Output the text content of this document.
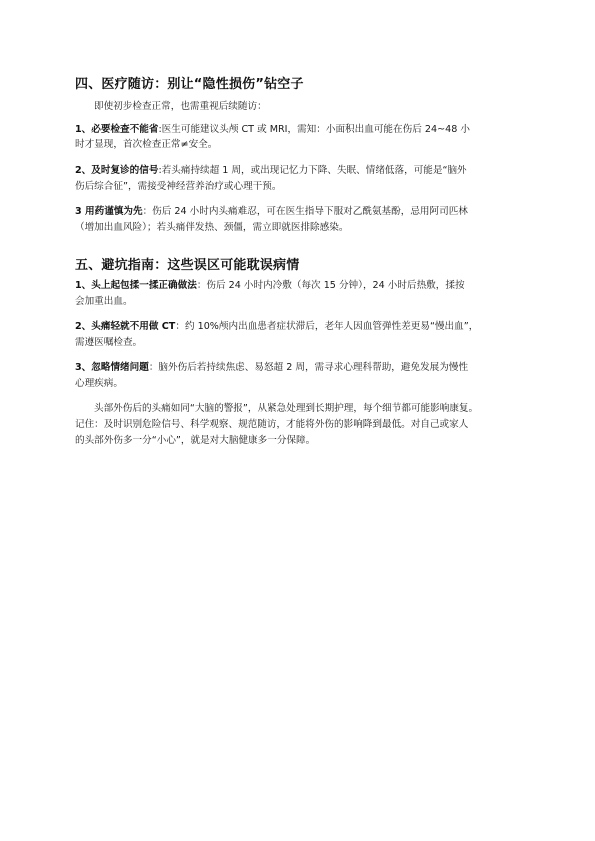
四、医疗随访：别让“隐性损伤”钻空子
即使初步检查正常，也需重视后续随访：
1、必要检查不能省:医生可能建议头颅 CT 或 MRI，需知：小面积出血可能在伤后 24~48 小
时才显现，首次检查正常≠安全。
2、及时复诊的信号:若头痛持续超 1 周，或出现记忆力下降、失眠、情绪低落，可能是“脑外
伤后综合征”，需接受神经营养治疗或心理干预。
3 用药谨慎为先：伤后 24 小时内头痛难忍，可在医生指导下服对乙酰氨基酚，忌用阿司匹林
（增加出血风险）；若头痛伴发热、颈僵，需立即就医排除感染。
五、避坑指南：这些误区可能耽误病情
1、头上起包揉一揉正确做法：伤后 24 小时内冷敷（每次 15 分钟），24 小时后热敷，揉按
会加重出血。
2、头痛轻就不用做 CT：约 10%颅内出血患者症状滞后，老年人因血管弹性差更易“慢出血”，
需遵医嘱检查。
3、忽略情绪问题：脑外伤后若持续焦虑、易怒超 2 周，需寻求心理科帮助，避免发展为慢性
心理疾病。
头部外伤后的头痛如同“大脑的警报”，从紧急处理到长期护理，每个细节都可能影响康复。
记住：及时识别危险信号、科学观察、规范随访，才能将外伤的影响降到最低。对自己或家人
的头部外伤多一分“小心”，就是对大脑健康多一分保障。
